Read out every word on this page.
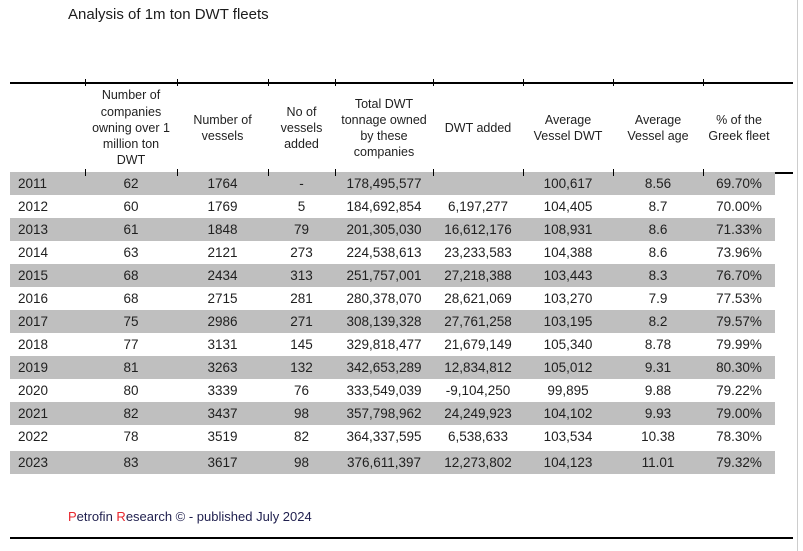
Analysis of 1m ton DWT fleets
	Number of companies owning over 1 million ton DWT	Number of vessels	No of vessels added	Total DWT tonnage owned by these companies	DWT added	Average Vessel DWT	Average Vessel age	% of the Greek fleet
2011	62	1764	-	178,495,577		100,617	8.56	69.70%
2012	60	1769	5	184,692,854	6,197,277	104,405	8.7	70.00%
2013	61	1848	79	201,305,030	16,612,176	108,931	8.6	71.33%
2014	63	2121	273	224,538,613	23,233,583	104,388	8.6	73.96%
2015	68	2434	313	251,757,001	27,218,388	103,443	8.3	76.70%
2016	68	2715	281	280,378,070	28,621,069	103,270	7.9	77.53%
2017	75	2986	271	308,139,328	27,761,258	103,195	8.2	79.57%
2018	77	3131	145	329,818,477	21,679,149	105,340	8.78	79.99%
2019	81	3263	132	342,653,289	12,834,812	105,012	9.31	80.30%
2020	80	3339	76	333,549,039	-9,104,250	99,895	9.88	79.22%
2021	82	3437	98	357,798,962	24,249,923	104,102	9.93	79.00%
2022	78	3519	82	364,337,595	6,538,633	103,534	10.38	78.30%
2023	83	3617	98	376,611,397	12,273,802	104,123	11.01	79.32%
Petrofin Research © - published July 2024
